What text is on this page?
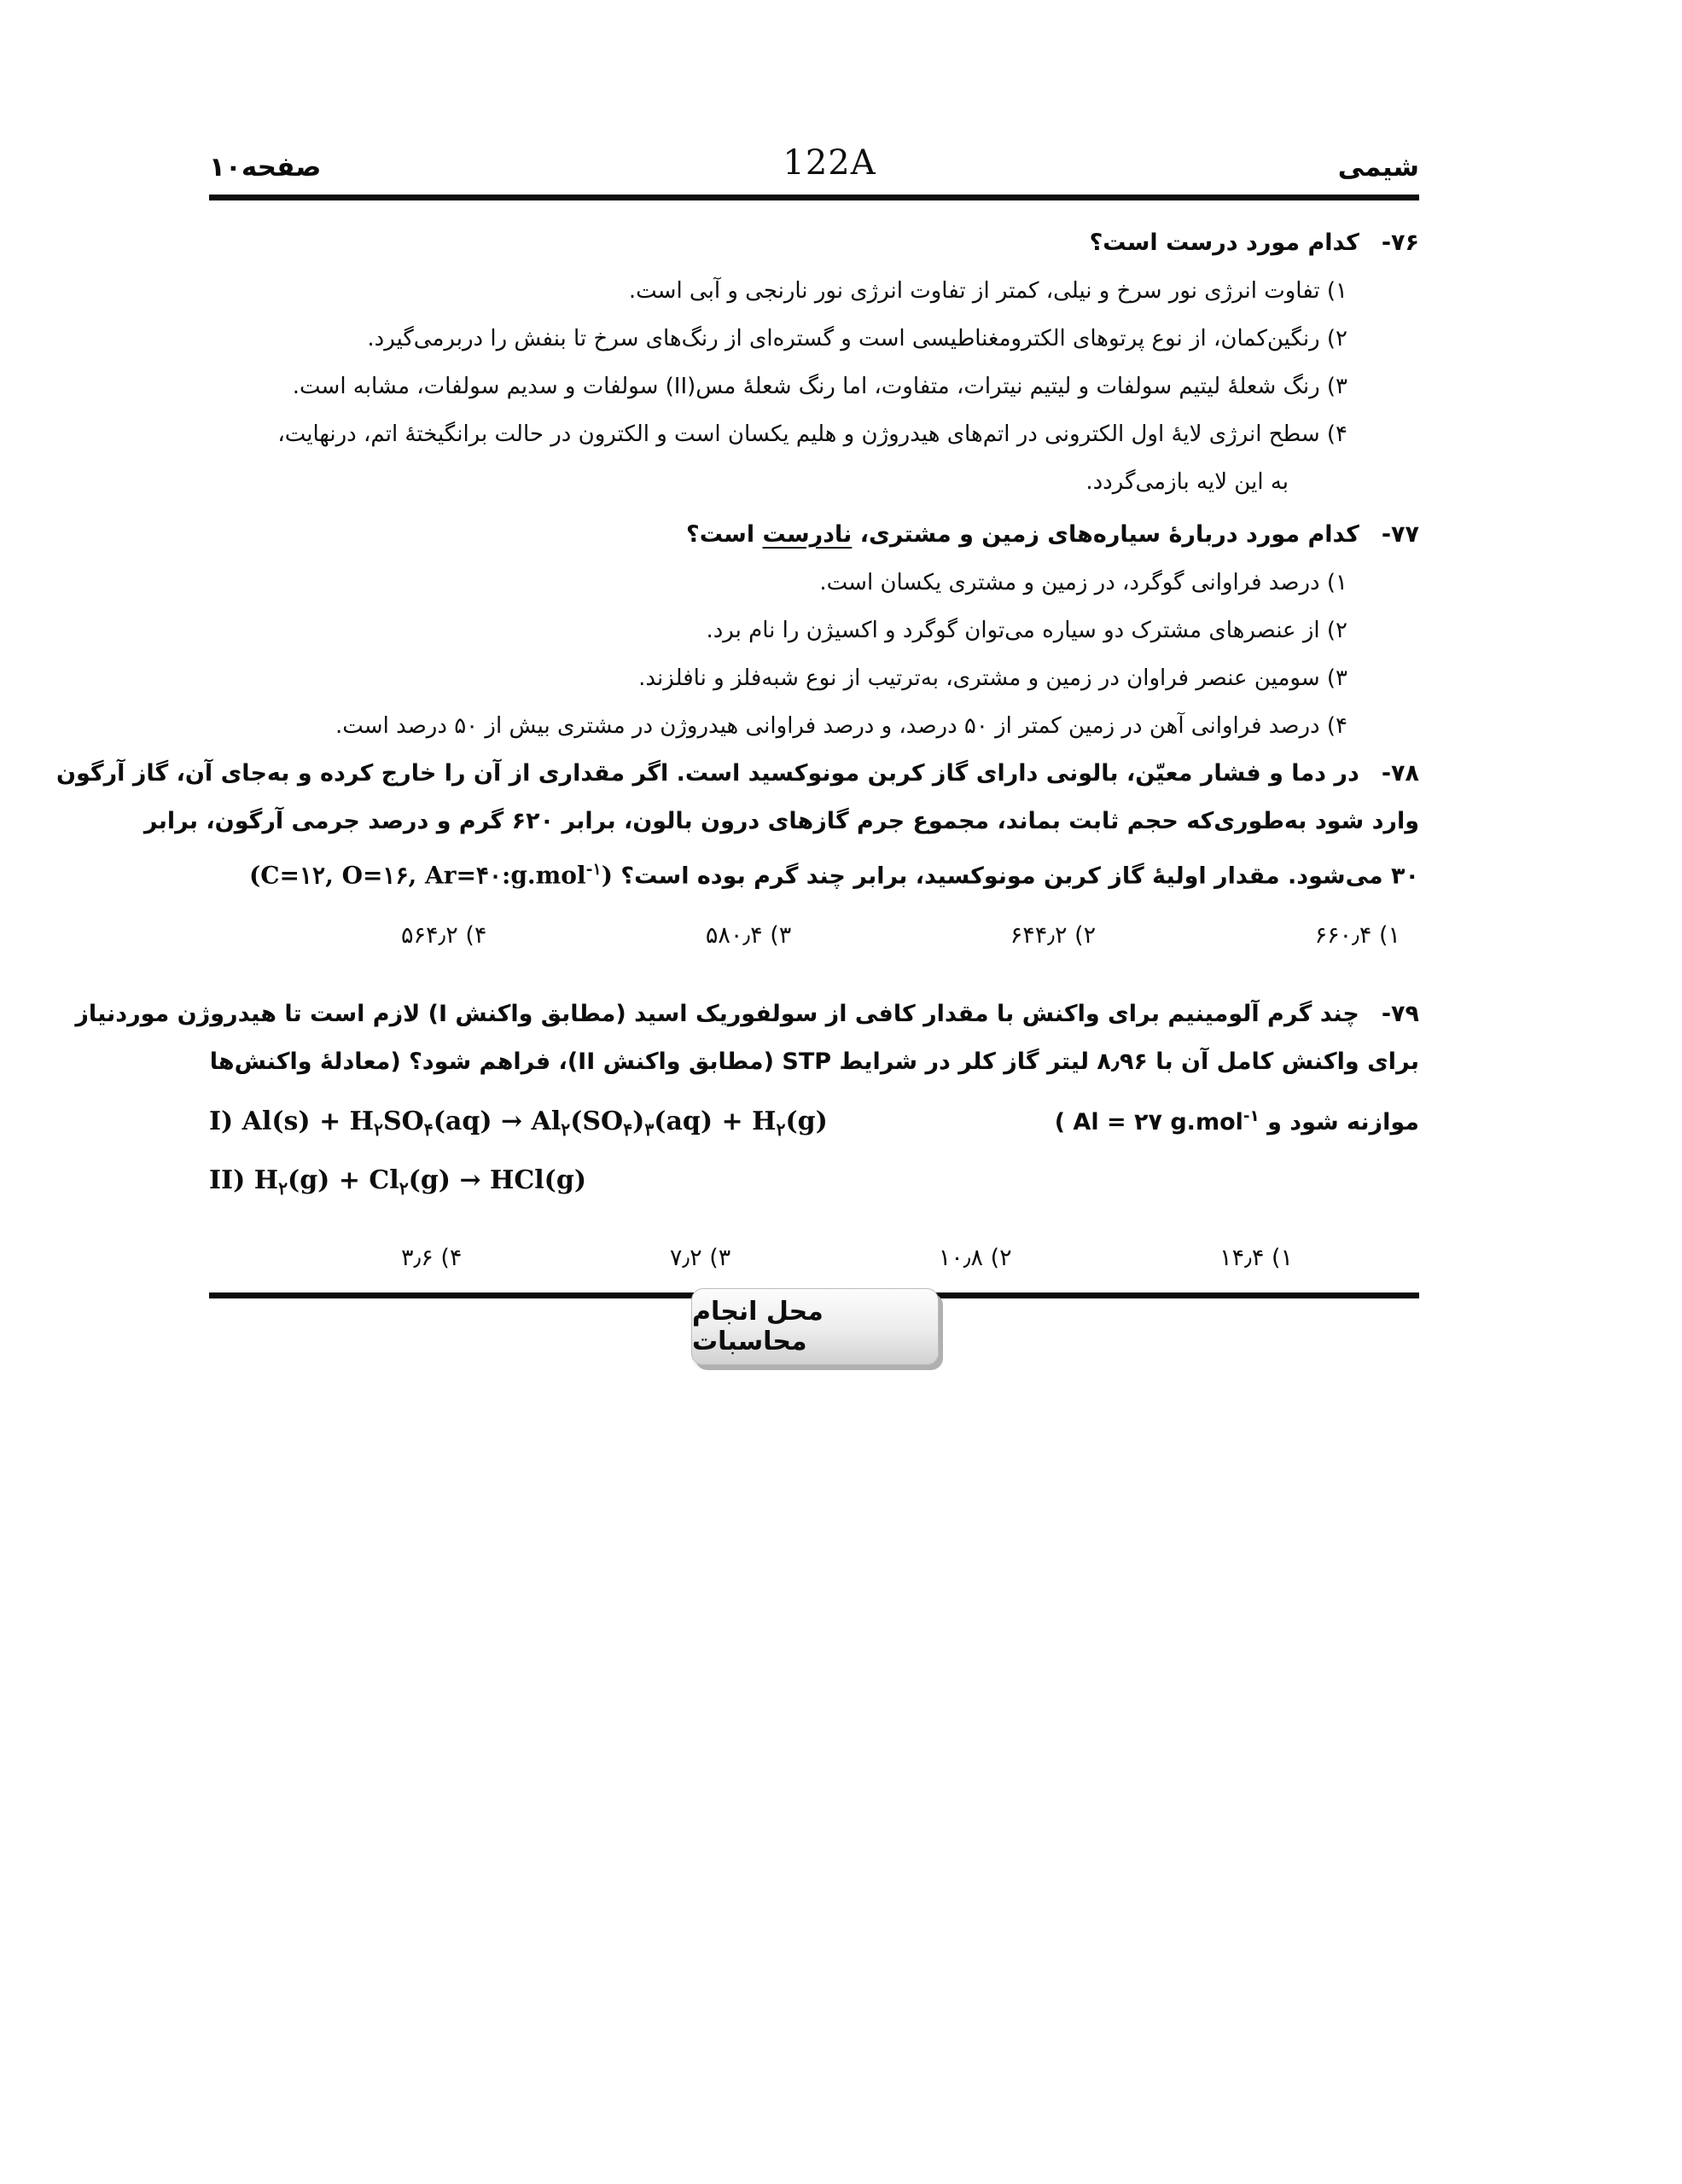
شیمی
122A
صفحه۱۰
۷۶-
کدام مورد درست است؟
۱) تفاوت انرژی نور سرخ و نیلی، کمتر از تفاوت انرژی نور نارنجی و آبی است.
۲) رنگین‌کمان، از نوع پرتوهای الکترومغناطیسی است و گستره‌ای از رنگ‌های سرخ تا بنفش را دربرمی‌گیرد.
۳) رنگ شعلهٔ لیتیم سولفات و لیتیم نیترات، متفاوت، اما رنگ شعلهٔ مس(II) سولفات و سدیم سولفات، مشابه است.
۴) سطح انرژی لایهٔ اول الکترونی در اتم‌های هیدروژن و هلیم یکسان است و الکترون در حالت برانگیختهٔ اتم، درنهایت،
به این لایه بازمی‌گردد.
۷۷-
کدام مورد دربارهٔ سیاره‌های زمین و مشتری، نادرست است؟
۱) درصد فراوانی گوگرد، در زمین و مشتری یکسان است.
۲) از عنصرهای مشترک دو سیاره می‌توان گوگرد و اکسیژن را نام برد.
۳) سومین عنصر فراوان در زمین و مشتری، به‌ترتیب از نوع شبه‌فلز و نافلزند.
۴) درصد فراوانی آهن در زمین کمتر از ۵۰ درصد، و درصد فراوانی هیدروژن در مشتری بیش از ۵۰ درصد است.
۷۸-
در دما و فشار معیّن، بالونی دارای گاز کربن مونوکسید است. اگر مقداری از آن را خارج کرده و به‌جای آن، گاز آرگون
وارد شود به‌طوری‌که حجم ثابت بماند، مجموع جرم گازهای درون بالون، برابر ۶۲۰ گرم و درصد جرمی آرگون، برابر
۳۰ می‌شود. مقدار اولیهٔ گاز کربن مونوکسید، برابر چند گرم بوده است؟ (C=۱۲, O=۱۶, Ar=۴۰:g.mol$^{-۱}$)
۱) ۶۶۰٫۴
۲) ۶۴۴٫۲
۳) ۵۸۰٫۴
۴) ۵۶۴٫۲
۷۹-
چند گرم آلومینیم برای واکنش با مقدار کافی از سولفوریک اسید (مطابق واکنش I) لازم است تا هیدروژن موردنیاز
برای واکنش کامل آن با ۸٫۹۶ لیتر گاز کلر در شرایط STP (مطابق واکنش II)، فراهم شود؟ (معادلهٔ واکنش‌ها
I) $Al(s) + H_۲SO_۴(aq) \to Al_۲(SO_۴)_۳(aq) + H_۲(g)$	موازنه شود و ( Al = ۲۷ g.mol$^{-۱}$
II) $H_۲(g) + Cl_۲(g) \to HCl(g)$
۱) ۱۴٫۴
۲) ۱۰٫۸
۳) ۷٫۲
۴) ۳٫۶
محل انجام محاسبات
